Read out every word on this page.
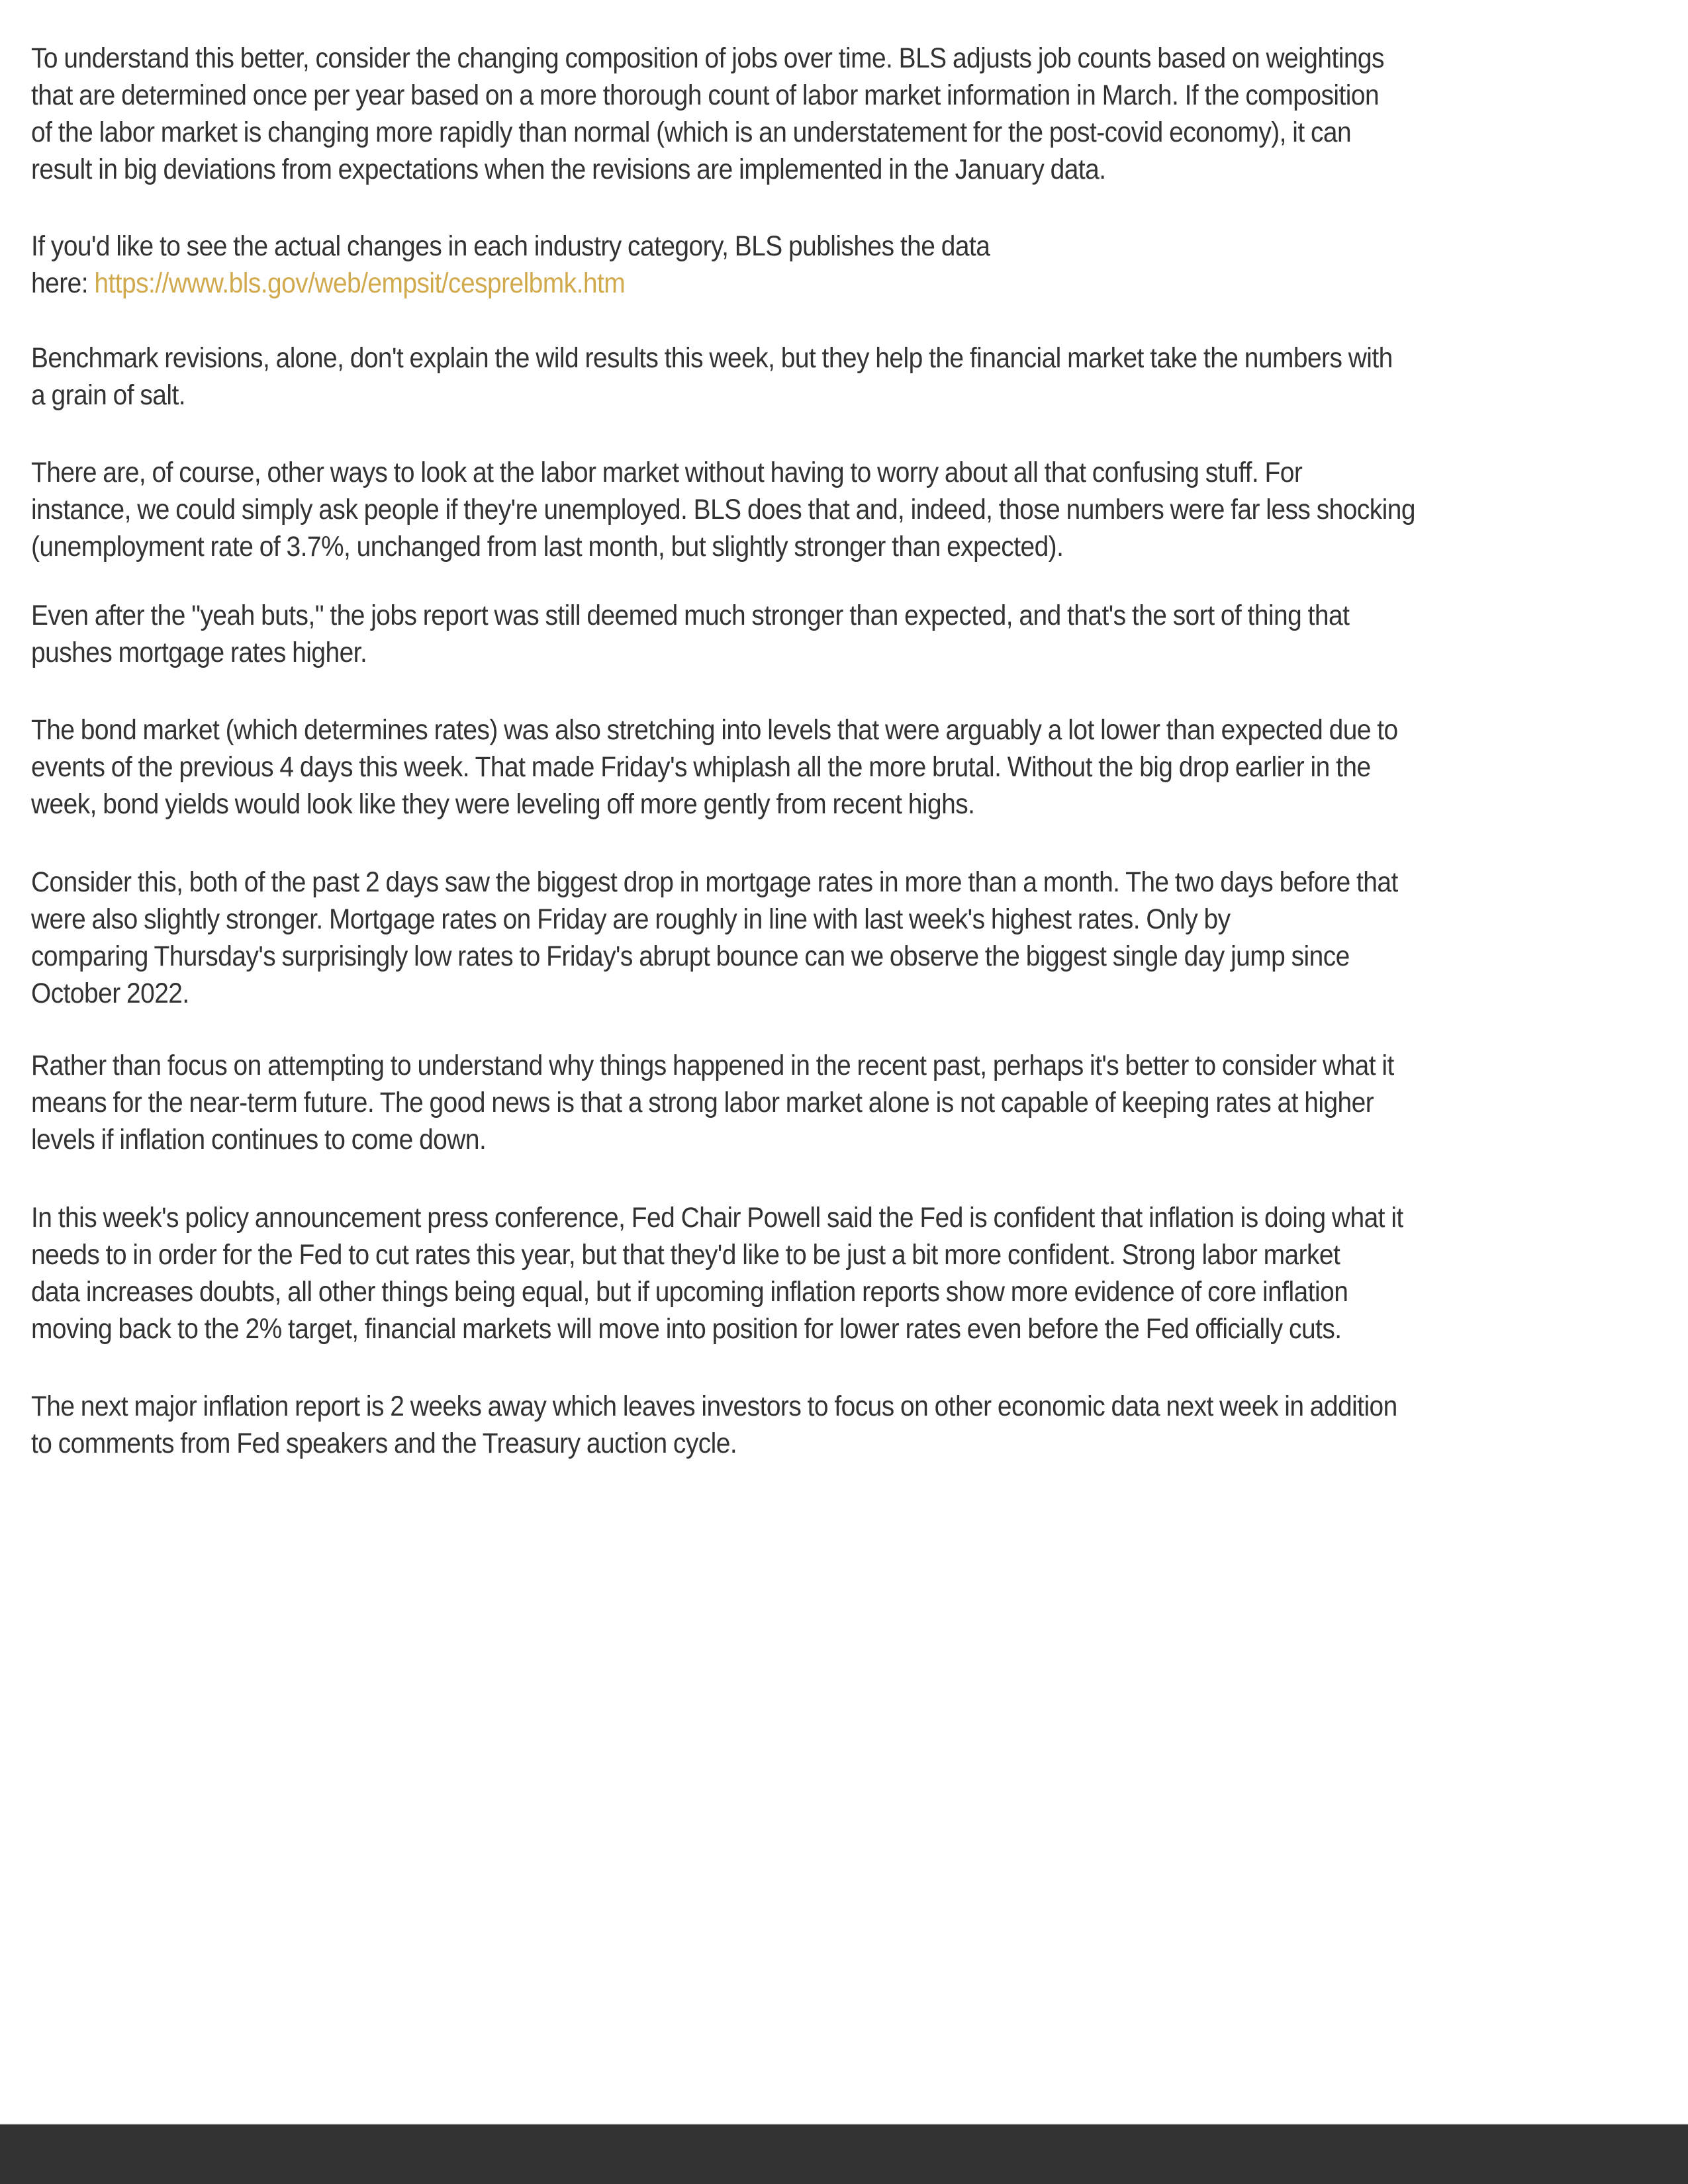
To understand this better, consider the changing composition of jobs over time. BLS adjusts job counts based on weightings
that are determined once per year based on a more thorough count of labor market information in March. If the composition
of the labor market is changing more rapidly than normal (which is an understatement for the post-covid economy), it can
result in big deviations from expectations when the revisions are implemented in the January data.

If you'd like to see the actual changes in each industry category, BLS publishes the data
here: https://www.bls.gov/web/empsit/cesprelbmk.htm

Benchmark revisions, alone, don't explain the wild results this week, but they help the financial market take the numbers with
a grain of salt.

There are, of course, other ways to look at the labor market without having to worry about all that confusing stuff. For
instance, we could simply ask people if they're unemployed. BLS does that and, indeed, those numbers were far less shocking
(unemployment rate of 3.7%, unchanged from last month, but slightly stronger than expected).

Even after the "yeah buts," the jobs report was still deemed much stronger than expected, and that's the sort of thing that
pushes mortgage rates higher.

The bond market (which determines rates) was also stretching into levels that were arguably a lot lower than expected due to
events of the previous 4 days this week. That made Friday's whiplash all the more brutal. Without the big drop earlier in the
week, bond yields would look like they were leveling off more gently from recent highs.

Consider this, both of the past 2 days saw the biggest drop in mortgage rates in more than a month. The two days before that
were also slightly stronger. Mortgage rates on Friday are roughly in line with last week's highest rates. Only by
comparing Thursday's surprisingly low rates to Friday's abrupt bounce can we observe the biggest single day jump since
October 2022.

Rather than focus on attempting to understand why things happened in the recent past, perhaps it's better to consider what it
means for the near-term future. The good news is that a strong labor market alone is not capable of keeping rates at higher
levels if inflation continues to come down.

In this week's policy announcement press conference, Fed Chair Powell said the Fed is confident that inflation is doing what it
needs to in order for the Fed to cut rates this year, but that they'd like to be just a bit more confident. Strong labor market
data increases doubts, all other things being equal, but if upcoming inflation reports show more evidence of core inflation
moving back to the 2% target, financial markets will move into position for lower rates even before the Fed officially cuts.

The next major inflation report is 2 weeks away which leaves investors to focus on other economic data next week in addition
to comments from Fed speakers and the Treasury auction cycle.
